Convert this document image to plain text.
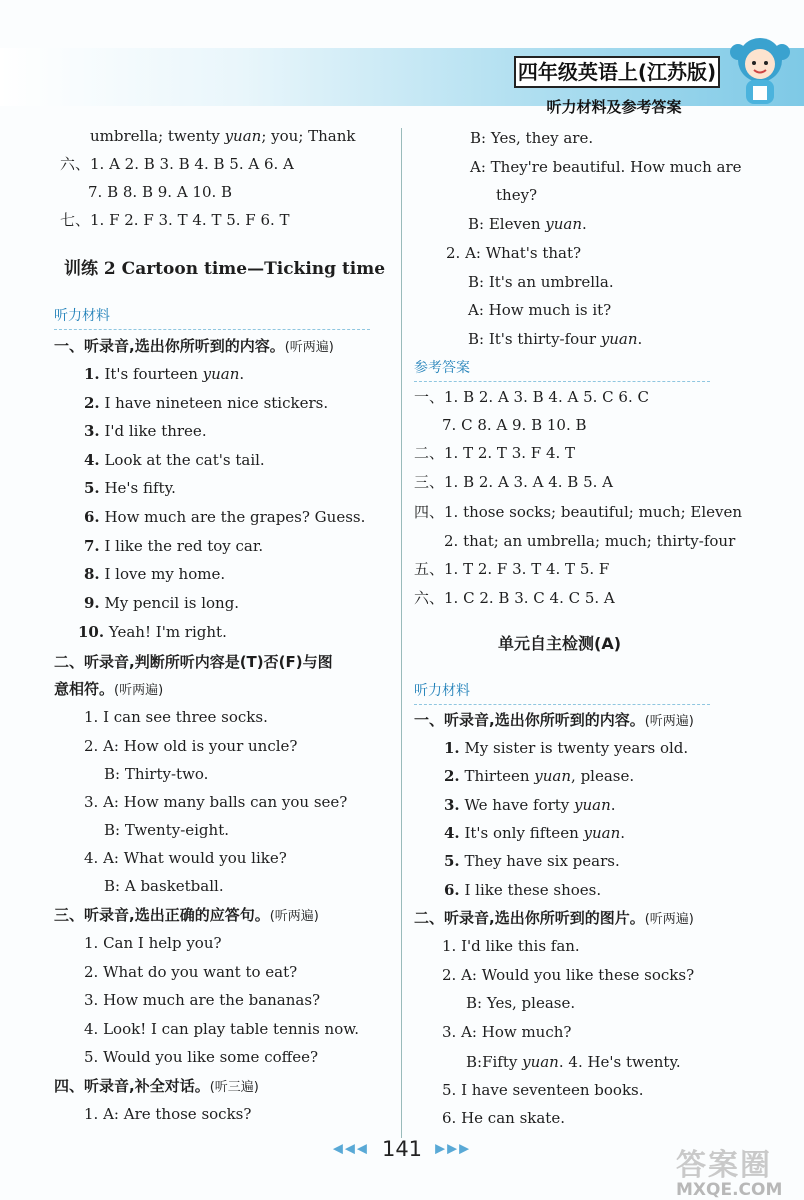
四年级英语上(江苏版)
听力材料及参考答案
umbrella; twenty yuan; you; Thank
六、1. A 2. B 3. B 4. B 5. A 6. A
7. B 8. B 9. A 10. B
七、1. F 2. F 3. T 4. T 5. F 6. T
训练 2 Cartoon time—Ticking time
听力材料
一、听录音,选出你所听到的内容。(听两遍)
1. It's fourteen yuan.
2. I have nineteen nice stickers.
3. I'd like three.
4. Look at the cat's tail.
5. He's fifty.
6. How much are the grapes? Guess.
7. I like the red toy car.
8. I love my home.
9. My pencil is long.
10. Yeah! I'm right.
二、听录音,判断所听内容是(T)否(F)与图
意相符。(听两遍)
1. I can see three socks.
2. A: How old is your uncle?
B: Thirty-two.
3. A: How many balls can you see?
B: Twenty-eight.
4. A: What would you like?
B: A basketball.
三、听录音,选出正确的应答句。(听两遍)
1. Can I help you?
2. What do you want to eat?
3. How much are the bananas?
4. Look! I can play table tennis now.
5. Would you like some coffee?
四、听录音,补全对话。(听三遍)
1. A: Are those socks?
B: Yes, they are.
A: They're beautiful. How much are
they?
B: Eleven yuan.
2. A: What's that?
B: It's an umbrella.
A: How much is it?
B: It's thirty-four yuan.
参考答案
一、1. B 2. A 3. B 4. A 5. C 6. C
7. C 8. A 9. B 10. B
二、1. T 2. T 3. F 4. T
三、1. B 2. A 3. A 4. B 5. A
四、1. those socks; beautiful; much; Eleven
2. that; an umbrella; much; thirty-four
五、1. T 2. F 3. T 4. T 5. F
六、1. C 2. B 3. C 4. C 5. A
单元自主检测(A)
听力材料
一、听录音,选出你所听到的内容。(听两遍)
1. My sister is twenty years old.
2. Thirteen yuan, please.
3. We have forty yuan.
4. It's only fifteen yuan.
5. They have six pears.
6. I like these shoes.
二、听录音,选出你所听到的图片。(听两遍)
1. I'd like this fan.
2. A: Would you like these socks?
B: Yes, please.
3. A: How much?
B:Fifty yuan. 4. He's twenty.
5. I have seventeen books.
6. He can skate.
◀◀◀ 141 ▶▶▶	答案圈
MXQE.COM
